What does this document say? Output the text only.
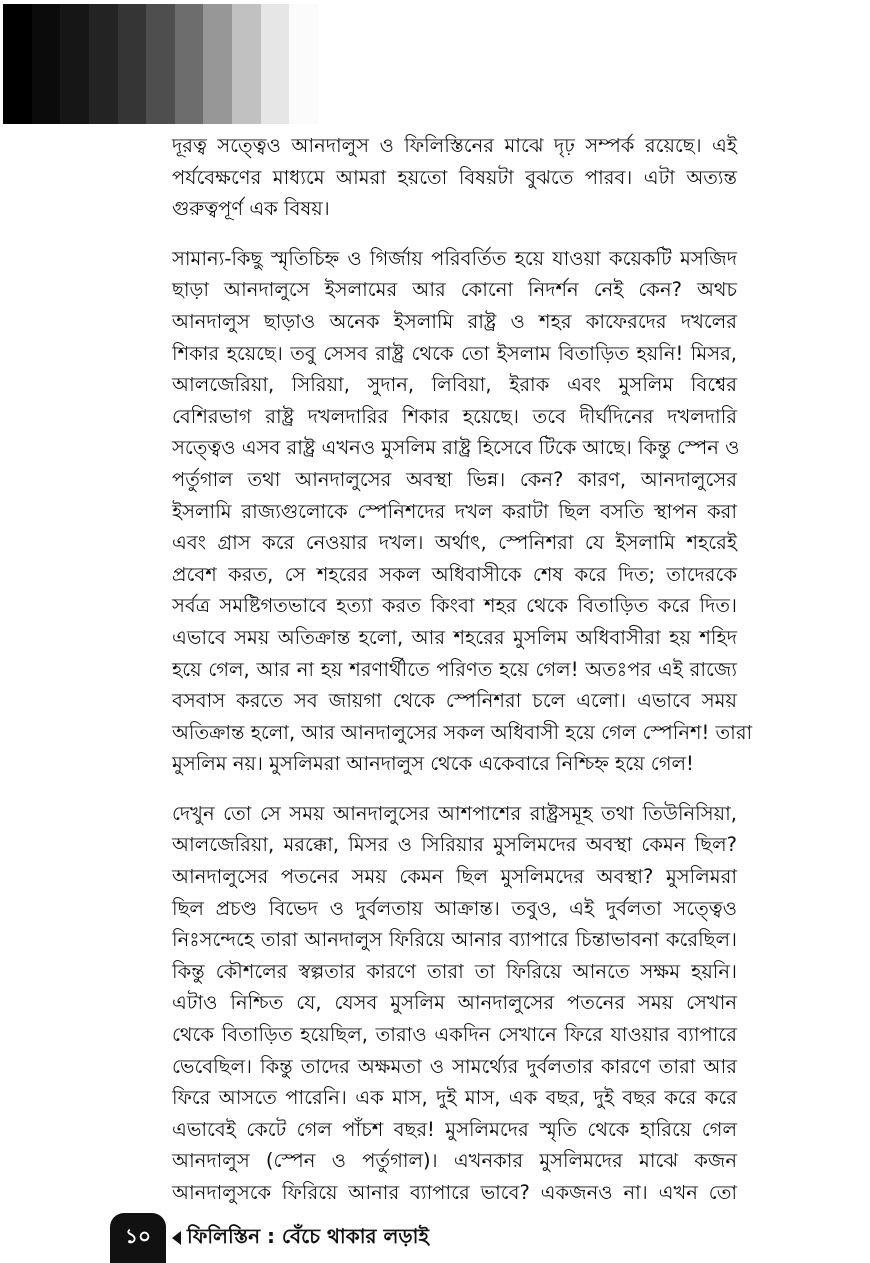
দূরত্ব সত্ত্বেও আনদালুস ও ফিলিস্তিনের মাঝে দৃঢ় সম্পর্ক রয়েছে। এই
পর্যবেক্ষণের মাধ্যমে আমরা হয়তো বিষয়টা বুঝতে পারব। এটা অত্যন্ত
গুরুত্বপূর্ণ এক বিষয়।

সামান্য-কিছু স্মৃতিচিহ্ন ও গির্জায় পরিবর্তিত হয়ে যাওয়া কয়েকটি মসজিদ
ছাড়া আনদালুসে ইসলামের আর কোনো নিদর্শন নেই কেন? অথচ
আনদালুস ছাড়াও অনেক ইসলামি রাষ্ট্র ও শহর কাফেরদের দখলের
শিকার হয়েছে। তবু সেসব রাষ্ট্র থেকে তো ইসলাম বিতাড়িত হয়নি! মিসর,
আলজেরিয়া, সিরিয়া, সুদান, লিবিয়া, ইরাক এবং মুসলিম বিশ্বের
বেশিরভাগ রাষ্ট্র দখলদারির শিকার হয়েছে। তবে দীর্ঘদিনের দখলদারি
সত্ত্বেও এসব রাষ্ট্র এখনও মুসলিম রাষ্ট্র হিসেবে টিকে আছে। কিন্তু স্পেন ও
পর্তুগাল তথা আনদালুসের অবস্থা ভিন্ন। কেন? কারণ, আনদালুসের
ইসলামি রাজ্যগুলোকে স্পেনিশদের দখল করাটা ছিল বসতি স্থাপন করা
এবং গ্রাস করে নেওয়ার দখল। অর্থাৎ, স্পেনিশরা যে ইসলামি শহরেই
প্রবেশ করত, সে শহরের সকল অধিবাসীকে শেষ করে দিত; তাদেরকে
সর্বত্র সমষ্টিগতভাবে হত্যা করত কিংবা শহর থেকে বিতাড়িত করে দিত।
এভাবে সময় অতিক্রান্ত হলো, আর শহরের মুসলিম অধিবাসীরা হয় শহিদ
হয়ে গেল, আর না হয় শরণার্থীতে পরিণত হয়ে গেল! অতঃপর এই রাজ্যে
বসবাস করতে সব জায়গা থেকে স্পেনিশরা চলে এলো। এভাবে সময়
অতিক্রান্ত হলো, আর আনদালুসের সকল অধিবাসী হয়ে গেল স্পেনিশ! তারা
মুসলিম নয়। মুসলিমরা আনদালুস থেকে একেবারে নিশ্চিহ্ন হয়ে গেল!

দেখুন তো সে সময় আনদালুসের আশপাশের রাষ্ট্রসমূহ তথা তিউনিসিয়া,
আলজেরিয়া, মরক্কো, মিসর ও সিরিয়ার মুসলিমদের অবস্থা কেমন ছিল?
আনদালুসের পতনের সময় কেমন ছিল মুসলিমদের অবস্থা? মুসলিমরা
ছিল প্রচণ্ড বিভেদ ও দুর্বলতায় আক্রান্ত। তবুও, এই দুর্বলতা সত্ত্বেও
নিঃসন্দেহে তারা আনদালুস ফিরিয়ে আনার ব্যাপারে চিন্তাভাবনা করেছিল।
কিন্তু কৌশলের স্বল্পতার কারণে তারা তা ফিরিয়ে আনতে সক্ষম হয়নি।
এটাও নিশ্চিত যে, যেসব মুসলিম আনদালুসের পতনের সময় সেখান
থেকে বিতাড়িত হয়েছিল, তারাও একদিন সেখানে ফিরে যাওয়ার ব্যাপারে
ভেবেছিল। কিন্তু তাদের অক্ষমতা ও সামর্থ্যের দুর্বলতার কারণে তারা আর
ফিরে আসতে পারেনি। এক মাস, দুই মাস, এক বছর, দুই বছর করে করে
এভাবেই কেটে গেল পাঁচশ বছর! মুসলিমদের স্মৃতি থেকে হারিয়ে গেল
আনদালুস (স্পেন ও পর্তুগাল)। এখনকার মুসলিমদের মাঝে কজন
আনদালুসকে ফিরিয়ে আনার ব্যাপারে ভাবে? একজনও না। এখন তো

১০	ফিলিস্তিন : বেঁচে থাকার লড়াই
